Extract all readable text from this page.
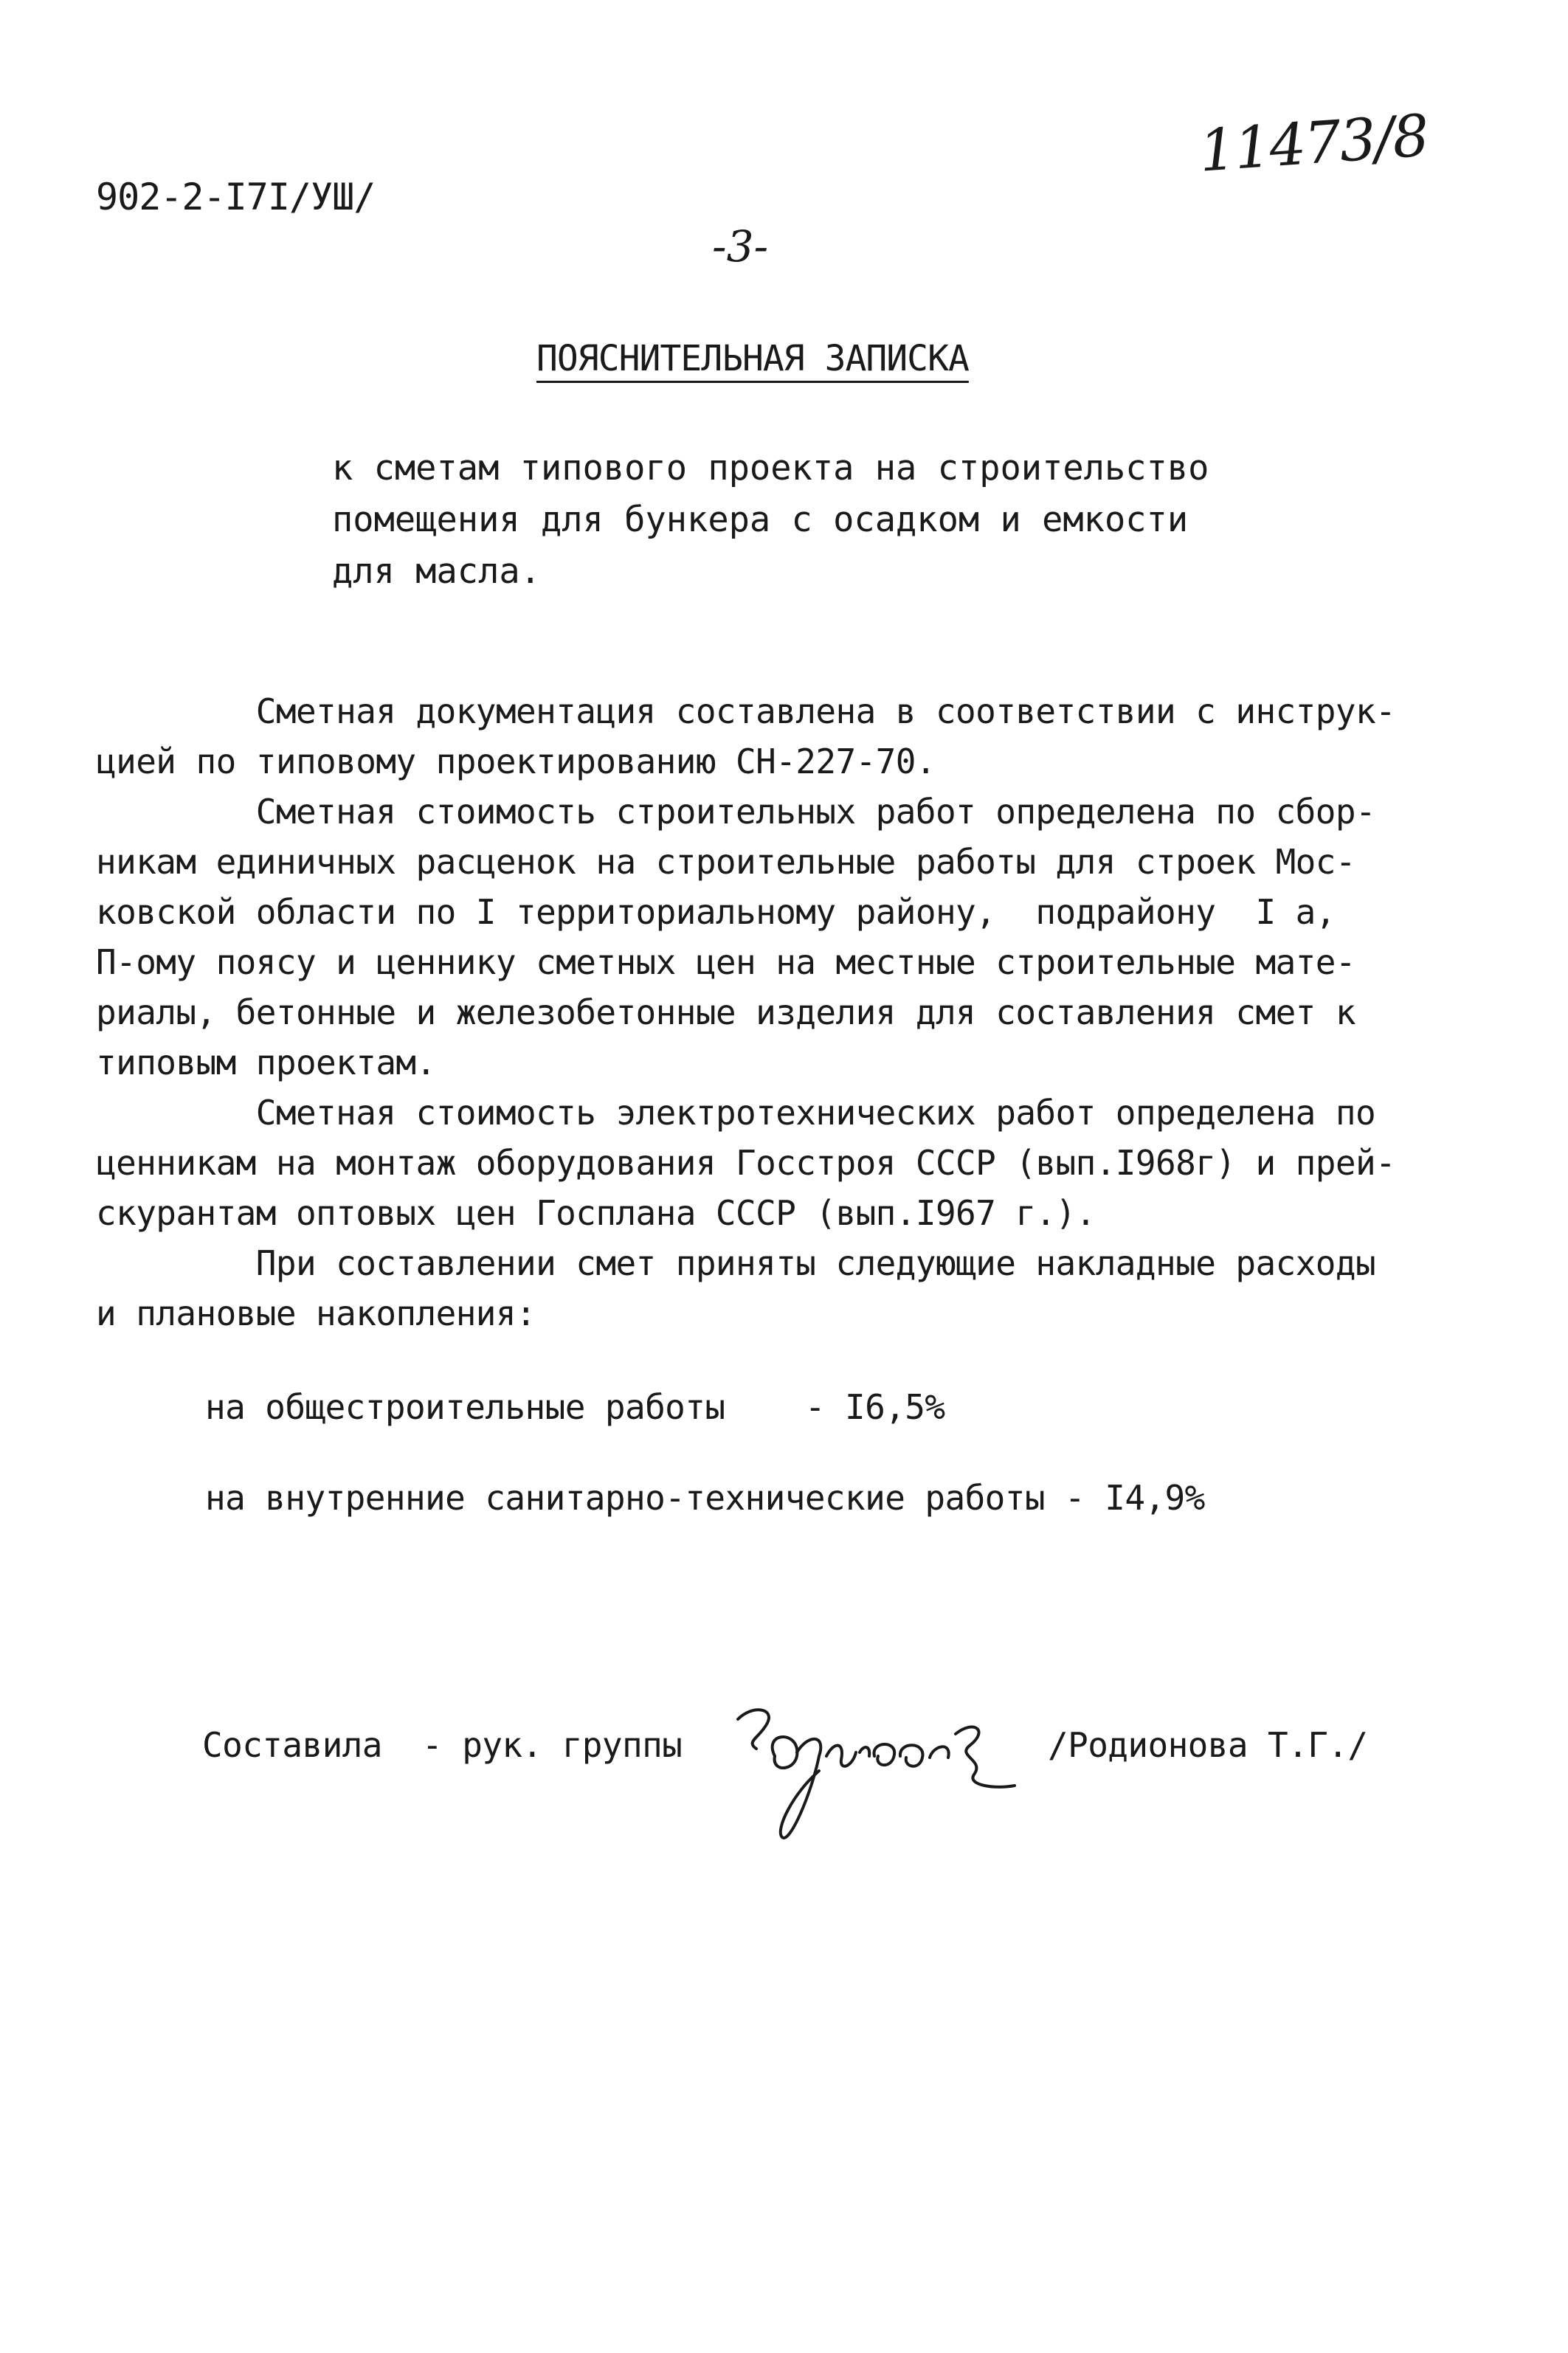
902-2-I7I/УШ/
11473/8
-3-
ПОЯСНИТЕЛЬНАЯ ЗАПИСКА
к сметам типового проекта на строительство
помещения для бункера с осадком и емкости
для масла.
Сметная документация составлена в соответствии с инструк-
цией по типовому проектированию СН-227-70.
Сметная стоимость строительных работ определена по сбор-
никам единичных расценок на строительные работы для строек Мос-
ковской области по I территориальному району,  подрайону  I а,
П-ому поясу и ценнику сметных цен на местные строительные мате-
риалы, бетонные и железобетонные изделия для составления смет к
типовым проектам.
Сметная стоимость электротехнических работ определена по
ценникам на монтаж оборудования Госстроя СССР (вып.I968г) и прей-
скурантам оптовых цен Госплана СССР (вып.I967 г.).
При составлении смет приняты следующие накладные расходы
и плановые накопления:
на общестроительные работы    - I6,5%
на внутренние санитарно-технические работы - I4,9%
Составила  - рук. группы	/Родионова Т.Г./
